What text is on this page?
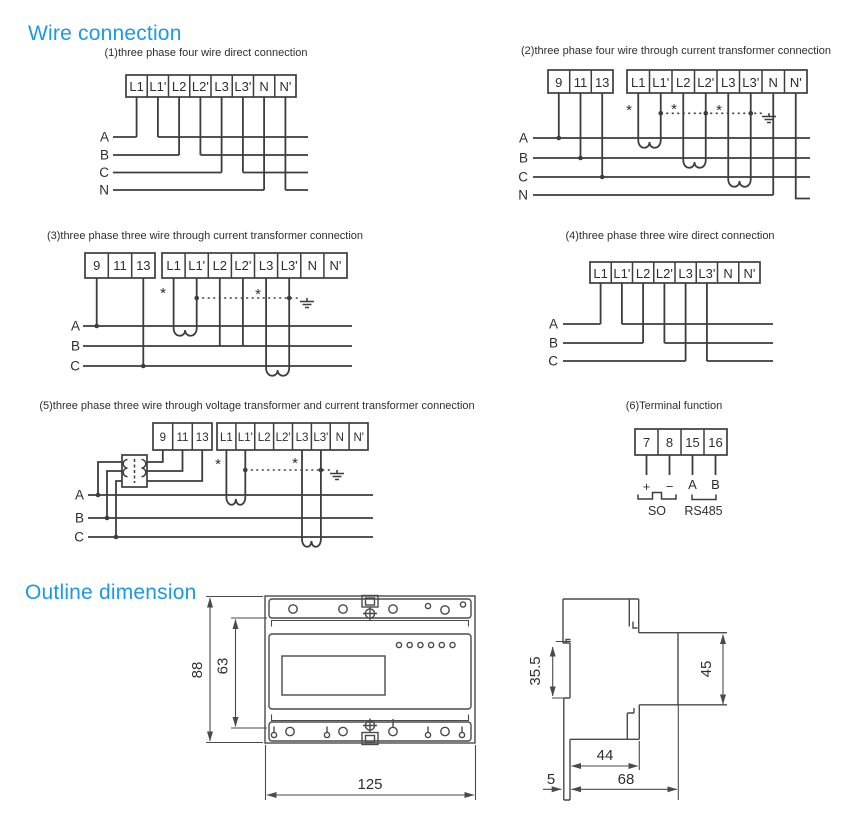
Wire connection
(1)three phase four wire direct connection
L1 L1' L2 L2' L3 L3' N N'
A
B
C
N
(2)three phase four wire through current transformer connection
*	*	*
9 11 13 L1 L1' L2 L2' L3 L3' N N'
A
B
C
N
(3)three phase three wire through current transformer connection
*	*
9 11 13 L1 L1' L2 L2' L3 L3' N N'
A
B
C
(4)three phase three wire direct connection
L1 L1' L2 L2' L3 L3' N N'
A
B
C
(5)three phase three wire through voltage transformer and current transformer connection
*	*
9 11 13 L1 L1' L2 L2' L3 L3' N N'
A
B
C
(6)Terminal function
7 8 15 16
+ − A B
SO RS485
Outline dimension
88 63
125
35.5	45
44
5	68
